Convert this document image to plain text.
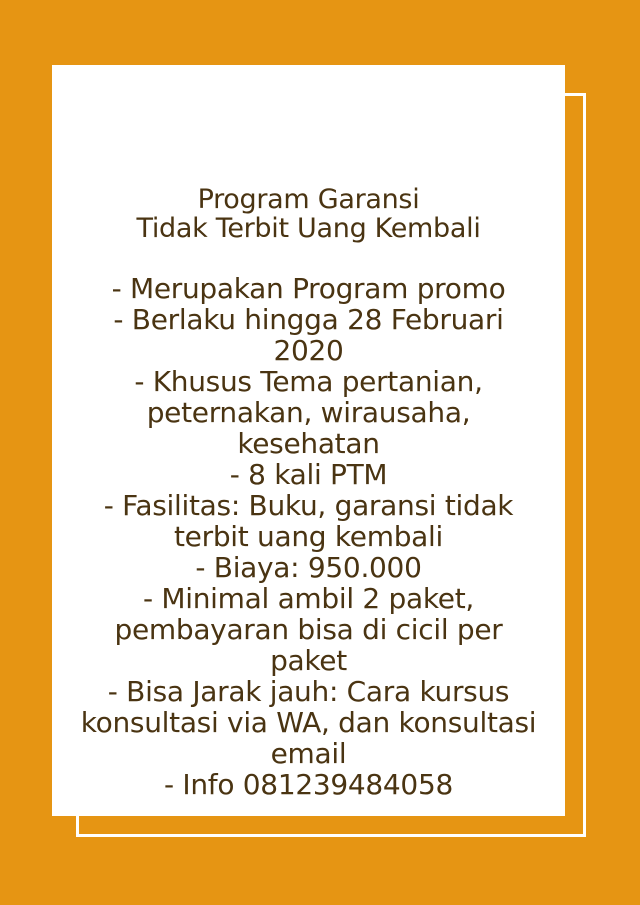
Program Garansi
Tidak Terbit Uang Kembali
- Merupakan Program promo
- Berlaku hingga 28 Februari 2020
- Khusus Tema pertanian, peternakan, wirausaha, kesehatan
- 8 kali PTM
- Fasilitas: Buku, garansi tidak terbit uang kembali
- Biaya: 950.000
- Minimal ambil 2 paket, pembayaran bisa di cicil per paket
- Bisa Jarak jauh: Cara kursus konsultasi via WA, dan konsultasi email
- Info 081239484058
